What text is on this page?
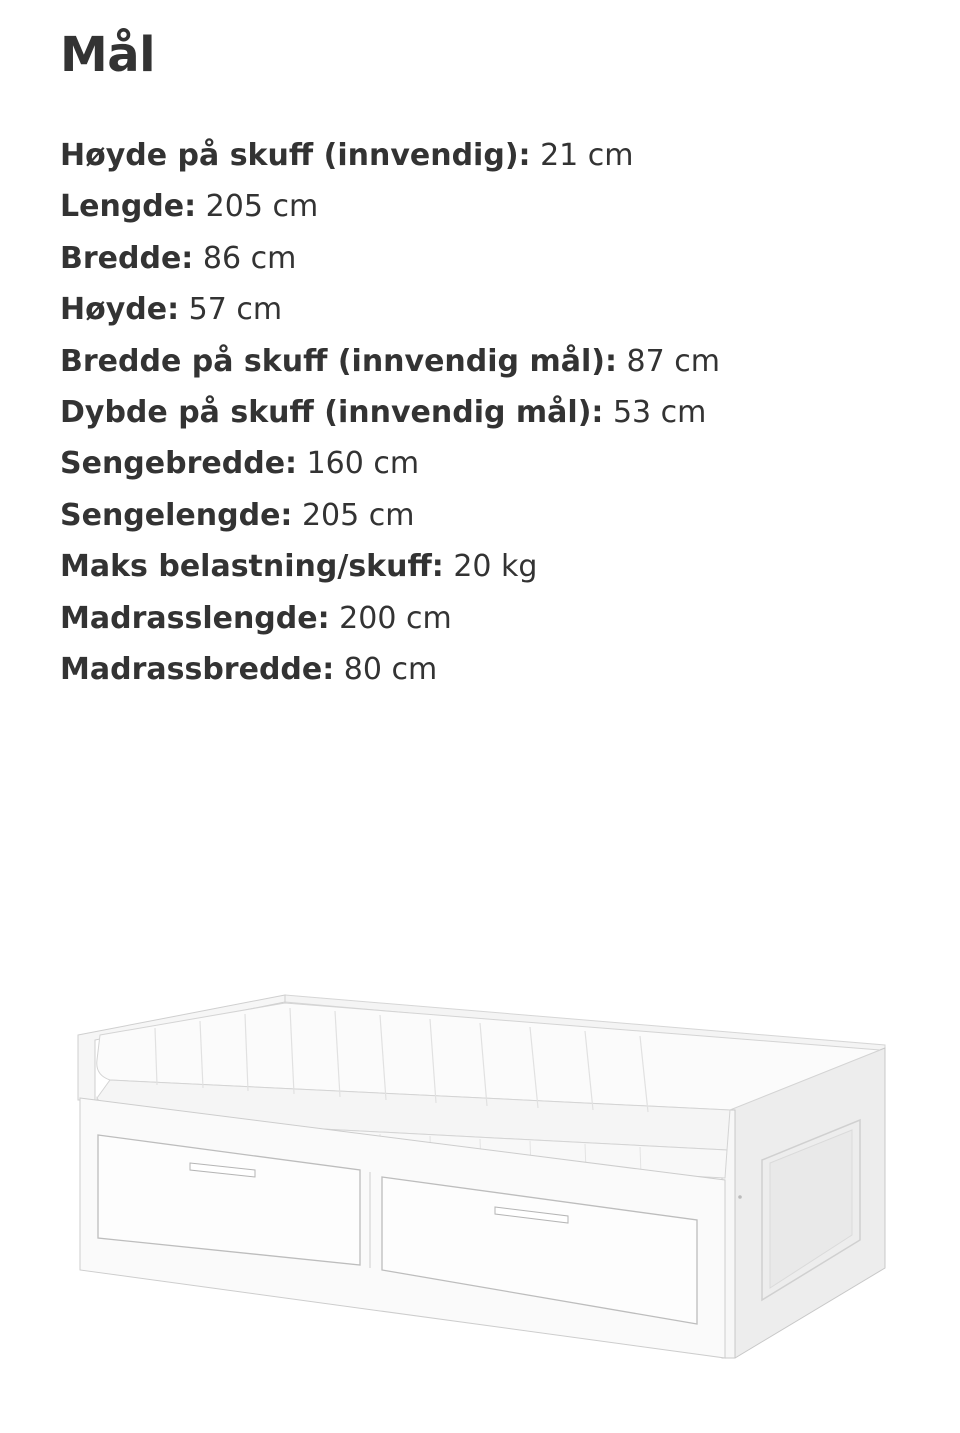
Mål
Høyde på skuff (innvendig): 21 cm
Lengde: 205 cm
Bredde: 86 cm
Høyde: 57 cm
Bredde på skuff (innvendig mål): 87 cm
Dybde på skuff (innvendig mål): 53 cm
Sengebredde: 160 cm
Sengelengde: 205 cm
Maks belastning/skuff: 20 kg
Madrasslengde: 200 cm
Madrassbredde: 80 cm
